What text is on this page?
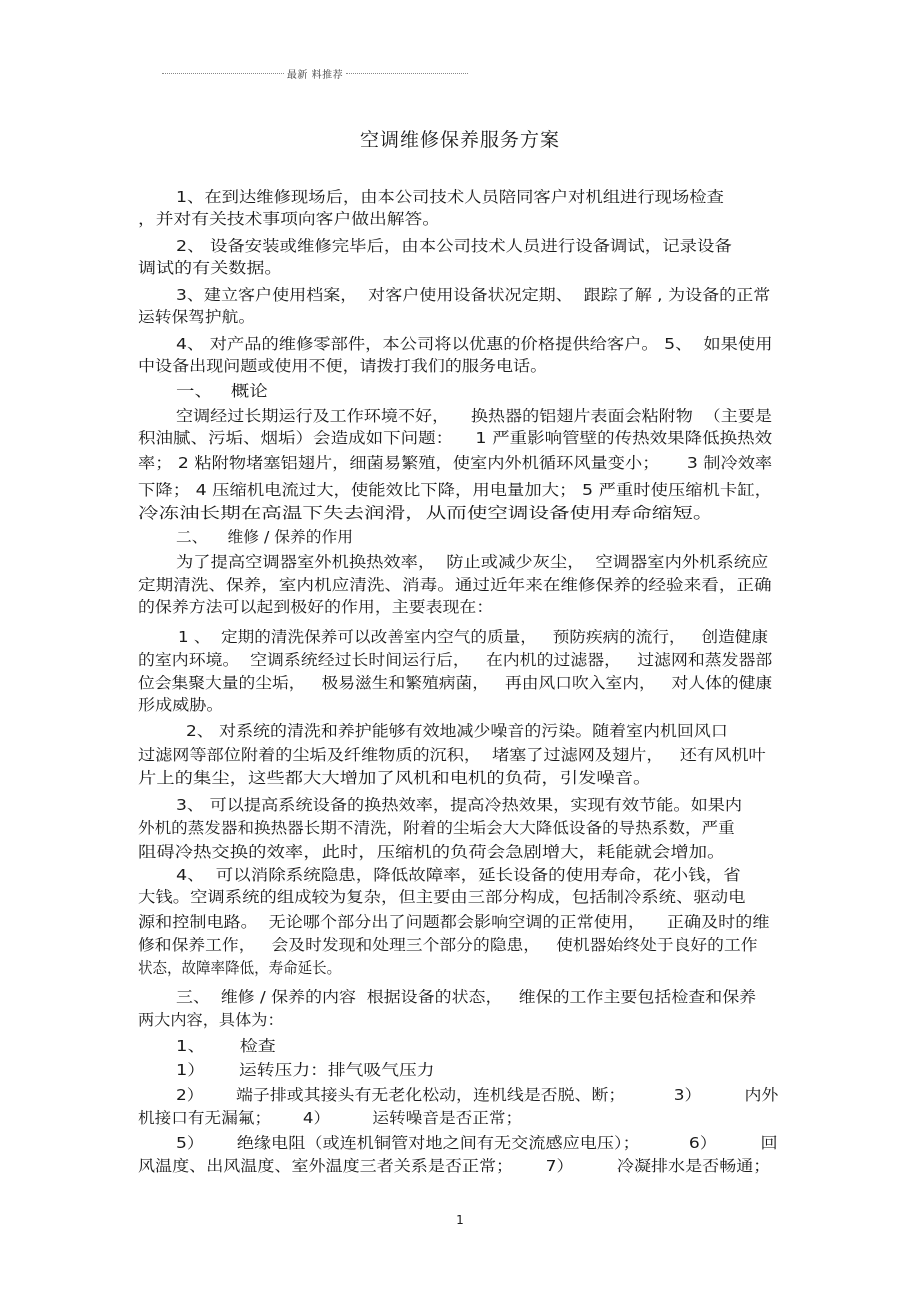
最新 料推荐
空调维修保养服务方案
1、在到达维修现场后，由本公司技术人员陪同客户对机组进行现场检查
，并对有关技术事项向客户做出解答。
2、 设备安装或维修完毕后，由本公司技术人员进行设备调试，记录设备
调试的有关数据。
3、建立客户使用档案，  对客户使用设备状况定期、  跟踪了解 , 为设备的正常
运转保驾护航。
4、 对产品的维修零部件，本公司将以优惠的价格提供给客户。 5、  如果使用
中设备出现问题或使用不便，请拨打我们的服务电话。
一、   概论
空调经过长期运行及工作环境不好，    换热器的铝翅片表面会粘附物  （主要是
积油腻、污垢、烟垢）会造成如下问题：    1 严重影响管壁的传热效果降低换热效
率； 2 粘附物堵塞铝翅片，细菌易繁殖，使室内外机循环风量变小；     3 制冷效率
下降； 4 压缩机电流过大，使能效比下降，用电量加大； 5 严重时使压缩机卡缸，
冷冻油长期在高温下失去润滑，从而使空调设备使用寿命缩短。
二、    维修 / 保养的作用
为了提高空调器室外机换热效率，  防止或减少灰尘，  空调器室内外机系统应
定期清洗、保养，室内机应清洗、消毒。通过近年来在维修保养的经验来看，正确
的保养方法可以起到极好的作用，主要表现在：
1 、  定期的清洗保养可以改善室内空气的质量，   预防疾病的流行，   创造健康
的室内环境。  空调系统经过长时间运行后，   在内机的过滤器，   过滤网和蒸发器部
位会集聚大量的尘垢，   极易滋生和繁殖病菌，   再由风口吹入室内，   对人体的健康
形成威胁。
2、 对系统的清洗和养护能够有效地减少噪音的污染。随着室内机回风口
过滤网等部位附着的尘垢及纤维物质的沉积，  堵塞了过滤网及翅片，   还有风机叶
片上的集尘，这些都大大增加了风机和电机的负荷，引发噪音。
3、 可以提高系统设备的换热效率，提高冷热效果，实现有效节能。如果内
外机的蒸发器和换热器长期不清洗，附着的尘垢会大大降低设备的导热系数，严重
阻碍冷热交换的效率，此时，压缩机的负荷会急剧增大，耗能就会增加。
4、  可以消除系统隐患，降低故障率，延长设备的使用寿命，花小钱，省
大钱。空调系统的组成较为复杂，但主要由三部分构成，包括制冷系统、驱动电
源和控制电路。  无论哪个部分出了问题都会影响空调的正常使用，    正确及时的维
修和保养工作，   会及时发现和处理三个部分的隐患，   使机器始终处于良好的工作
状态，故障率降低，寿命延长。
三、  维修 / 保养的内容  根据设备的状态，   维保的工作主要包括检查和保养
两大内容，具体为：
1、      检查
1）      运转压力：排气吸气压力
2）      端子排或其接头有无老化松动，连机线是否脱、断；         3）        内外
机接口有无漏氟；      4）        运转噪音是否正常；
5）      绝缘电阻（或连机铜管对地之间有无交流感应电压）；         6）        回
风温度、出风温度、室外温度三者关系是否正常；      7）        冷凝排水是否畅通；
1
